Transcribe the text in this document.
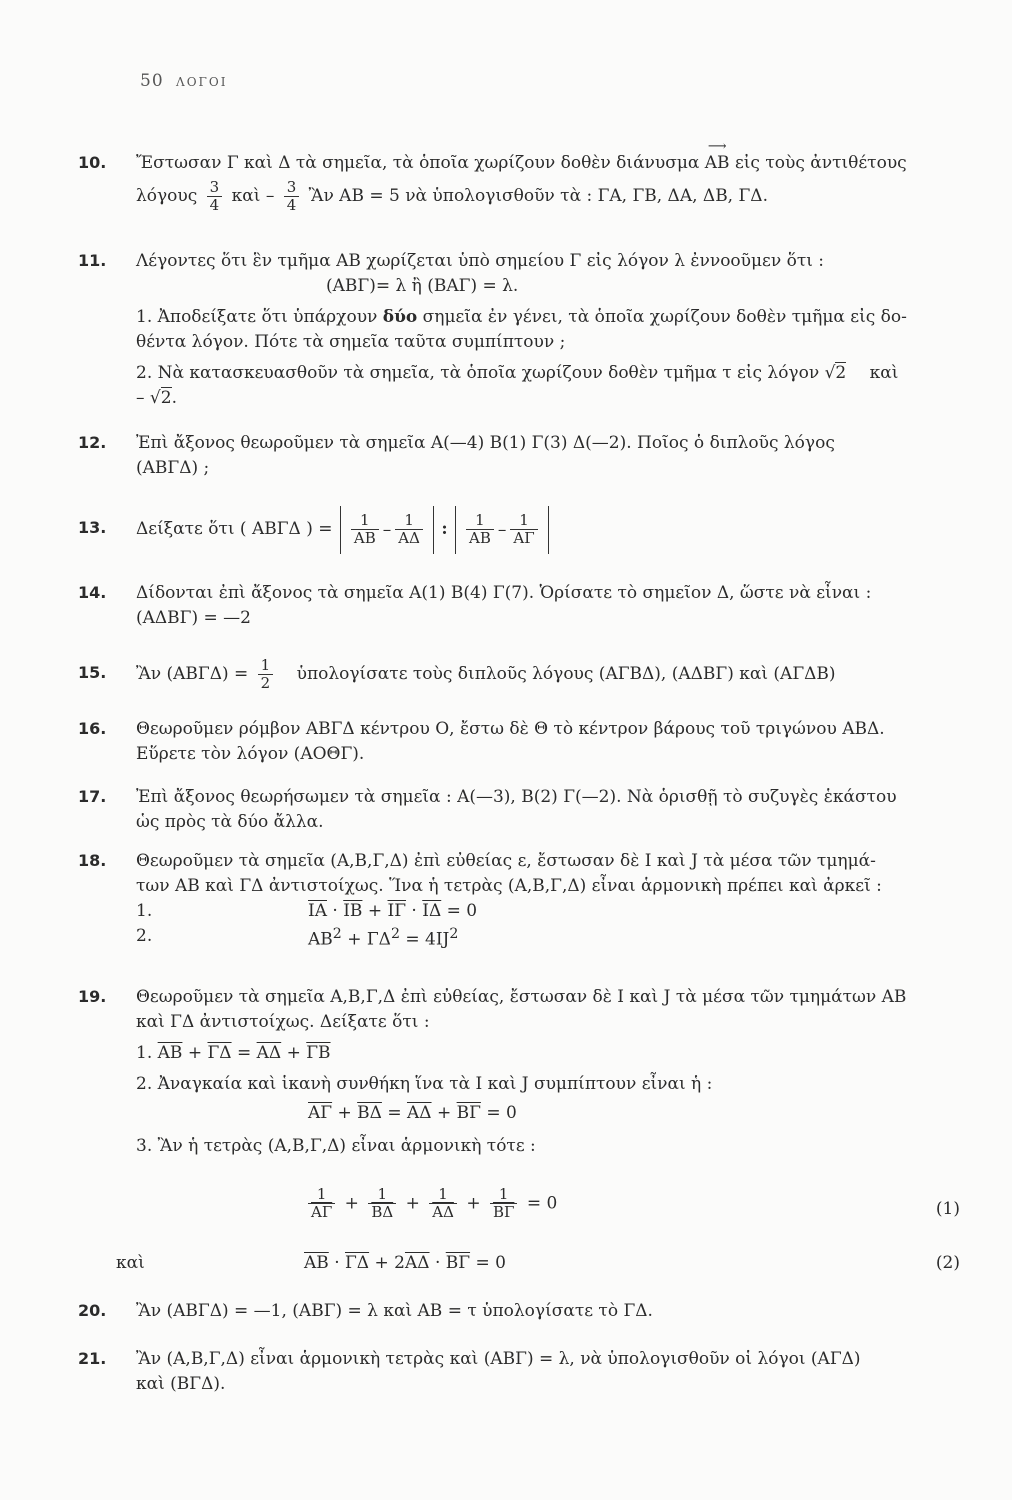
50 ΛΟΓΟΙ
10. Ἔστωσαν Γ καὶ Δ τὰ σημεῖα, τὰ ὁποῖα χωρίζουν δοθὲν διάνυσμα
⟶
ΑΒ εἰς τοὺς ἀντιθέτους
λόγους $\frac{3}{4}$ καὶ – $\frac{3}{4}$ Ἂν ΑΒ = 5 νὰ ὑπολογισθοῦν τὰ : ΓΑ, ΓΒ, ΔΑ, ΔΒ, ΓΔ.
11. Λέγοντες ὅτι ἓν τμῆμα ΑΒ χωρίζεται ὑπὸ σημείου Γ εἰς λόγον λ ἐννοοῦμεν ὅτι :
(ΑΒΓ)= λ ἢ (ΒΑΓ) = λ.
1. Ἀποδείξατε ὅτι ὑπάρχουν δύο σημεῖα ἐν γένει, τὰ ὁποῖα χωρίζουν δοθὲν τμῆμα εἰς δο-
θέντα λόγον. Πότε τὰ σημεῖα ταῦτα συμπίπτουν ;
2. Νὰ κατασκευασθοῦν τὰ σημεῖα, τὰ ὁποῖα χωρίζουν δοθὲν τμῆμα τ εἰς λόγον √2 καὶ
– √2.
12. Ἐπὶ ἄξονος θεωροῦμεν τὰ σημεῖα Α(—4) Β(1) Γ(3) Δ(—2). Ποῖος ὁ διπλοῦς λόγος
(ΑΒΓΔ) ;
13. Δείξατε ὅτι ( ΑΒΓΔ ) = $\frac{1}{AB} - \frac{1}{A\Delta}$ : $\frac{1}{AB} - \frac{1}{A\Gamma}$
14. Δίδονται ἐπὶ ἄξονος τὰ σημεῖα Α(1) Β(4) Γ(7). Ὁρίσατε τὸ σημεῖον Δ, ὥστε νὰ εἶναι :
(ΑΔΒΓ) = —2
15. Ἂν $(AB\Gamma\Delta) = \frac{1}{2}$ ὑπολογίσατε τοὺς διπλοῦς λόγους (ΑΓΒΔ), (ΑΔΒΓ) καὶ (ΑΓΔΒ)
16. Θεωροῦμεν ρόμβον ΑΒΓΔ κέντρου Ο, ἔστω δὲ Θ τὸ κέντρον βάρους τοῦ τριγώνου ΑΒΔ.
Εὕρετε τὸν λόγον (ΑΟΘΓ).
17. Ἐπὶ ἄξονος θεωρήσωμεν τὰ σημεῖα : Α(—3), Β(2) Γ(—2). Νὰ ὁρισθῇ τὸ συζυγὲς ἑκάστου
ὡς πρὸς τὰ δύο ἄλλα.
18. Θεωροῦμεν τὰ σημεῖα (Α,Β,Γ,Δ) ἐπὶ εὐθείας ε, ἔστωσαν δὲ Ι καὶ J τὰ μέσα τῶν τμημά-
των ΑΒ καὶ ΓΔ ἀντιστοίχως. Ἵνα ἡ τετρὰς (Α,Β,Γ,Δ) εἶναι ἁρμονικὴ πρέπει καὶ ἀρκεῖ :
1.	$\overline{IA} \cdot \overline{IB} + \overline{I\Gamma} \cdot \overline{I\Delta} = 0$
2.	$AB^2 + \Gamma\Delta^2 = 4IJ^2$
19. Θεωροῦμεν τὰ σημεῖα Α,Β,Γ,Δ ἐπὶ εὐθείας, ἔστωσαν δὲ Ι καὶ J τὰ μέσα τῶν τμημάτων ΑΒ
καὶ ΓΔ ἀντιστοίχως. Δείξατε ὅτι :
1. $\overline{AB} + \overline{\Gamma\Delta} = \overline{A\Delta} + \overline{\Gamma B}$
2. Ἀναγκαία καὶ ἱκανὴ συνθήκη ἵνα τὰ Ι καὶ J συμπίπτουν εἶναι ἡ :
$\overline{A\Gamma} + \overline{B\Delta} = \overline{A\Delta} + \overline{B\Gamma} = 0$
3. Ἂν ἡ τετρὰς (Α,Β,Γ,Δ) εἶναι ἁρμονικὴ τότε :
$\frac{1}{A\Gamma} + \frac{1}{B\Delta} + \frac{1}{A\Delta} + \frac{1}{B\Gamma} = 0$	(1)
καὶ	$\overline{AB} \cdot \overline{\Gamma\Delta} + 2\overline{A\Delta} \cdot \overline{B\Gamma} = 0$	(2)
20. Ἂν (ΑΒΓΔ) = —1, (ΑΒΓ) = λ καὶ ΑΒ = τ ὑπολογίσατε τὸ ΓΔ.
21. Ἂν (Α,Β,Γ,Δ) εἶναι ἁρμονικὴ τετρὰς καὶ (ΑΒΓ) = λ, νὰ ὑπολογισθοῦν οἱ λόγοι (ΑΓΔ)
καὶ (ΒΓΔ).
